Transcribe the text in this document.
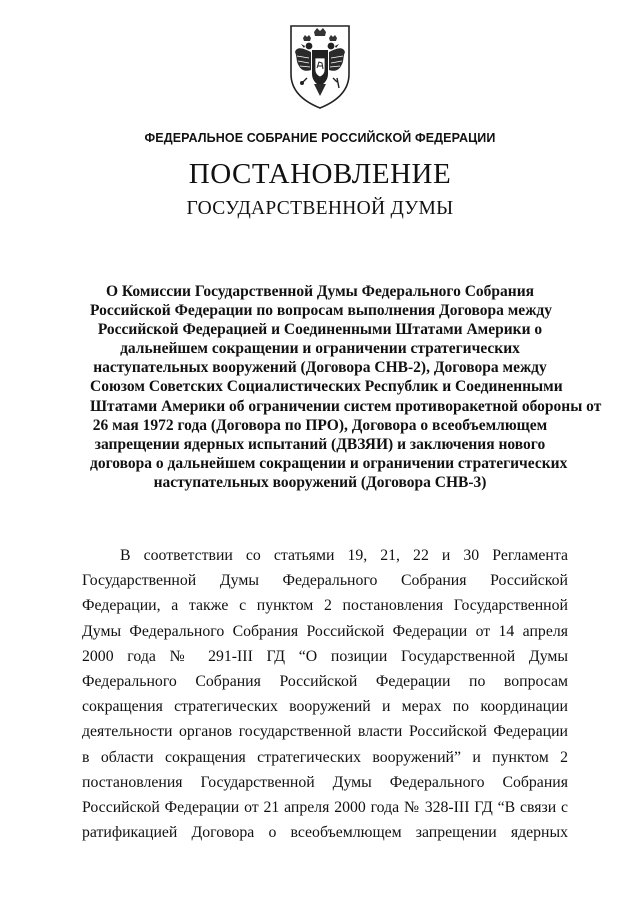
ФЕДЕРАЛЬНОЕ СОБРАНИЕ РОССИЙСКОЙ ФЕДЕРАЦИИ
ПОСТАНОВЛЕНИЕ
ГОСУДАРСТВЕННОЙ ДУМЫ
О Комиссии Государственной Думы Федерального Собрания
Российской Федерации по вопросам выполнения Договора между
Российской Федерацией и Соединенными Штатами Америки о
дальнейшем сокращении и ограничении стратегических
наступательных вооружений (Договора СНВ-2), Договора между
Союзом Советских Социалистических Республик и Соединенными
Штатами Америки об ограничении систем противоракетной обороны от
26 мая 1972 года (Договора по ПРО), Договора о всеобъемлющем
запрещении ядерных испытаний (ДВЗЯИ) и заключения нового
договора о дальнейшем сокращении и ограничении стратегических
наступательных вооружений (Договора СНВ-3)
В соответствии со статьями 19, 21, 22 и 30 Регламента
Государственной Думы Федерального Собрания Российской
Федерации, а также с пунктом 2 постановления Государственной
Думы Федерального Собрания Российской Федерации от 14 апреля
2000 года № 291-III ГД “О позиции Государственной Думы
Федерального Собрания Российской Федерации по вопросам
сокращения стратегических вооружений и мерах по координации
деятельности органов государственной власти Российской Федерации
в области сокращения стратегических вооружений” и пунктом 2
постановления Государственной Думы Федерального Собрания
Российской Федерации от 21 апреля 2000 года № 328-III ГД “В связи с
ратификацией Договора о всеобъемлющем запрещении ядерных
